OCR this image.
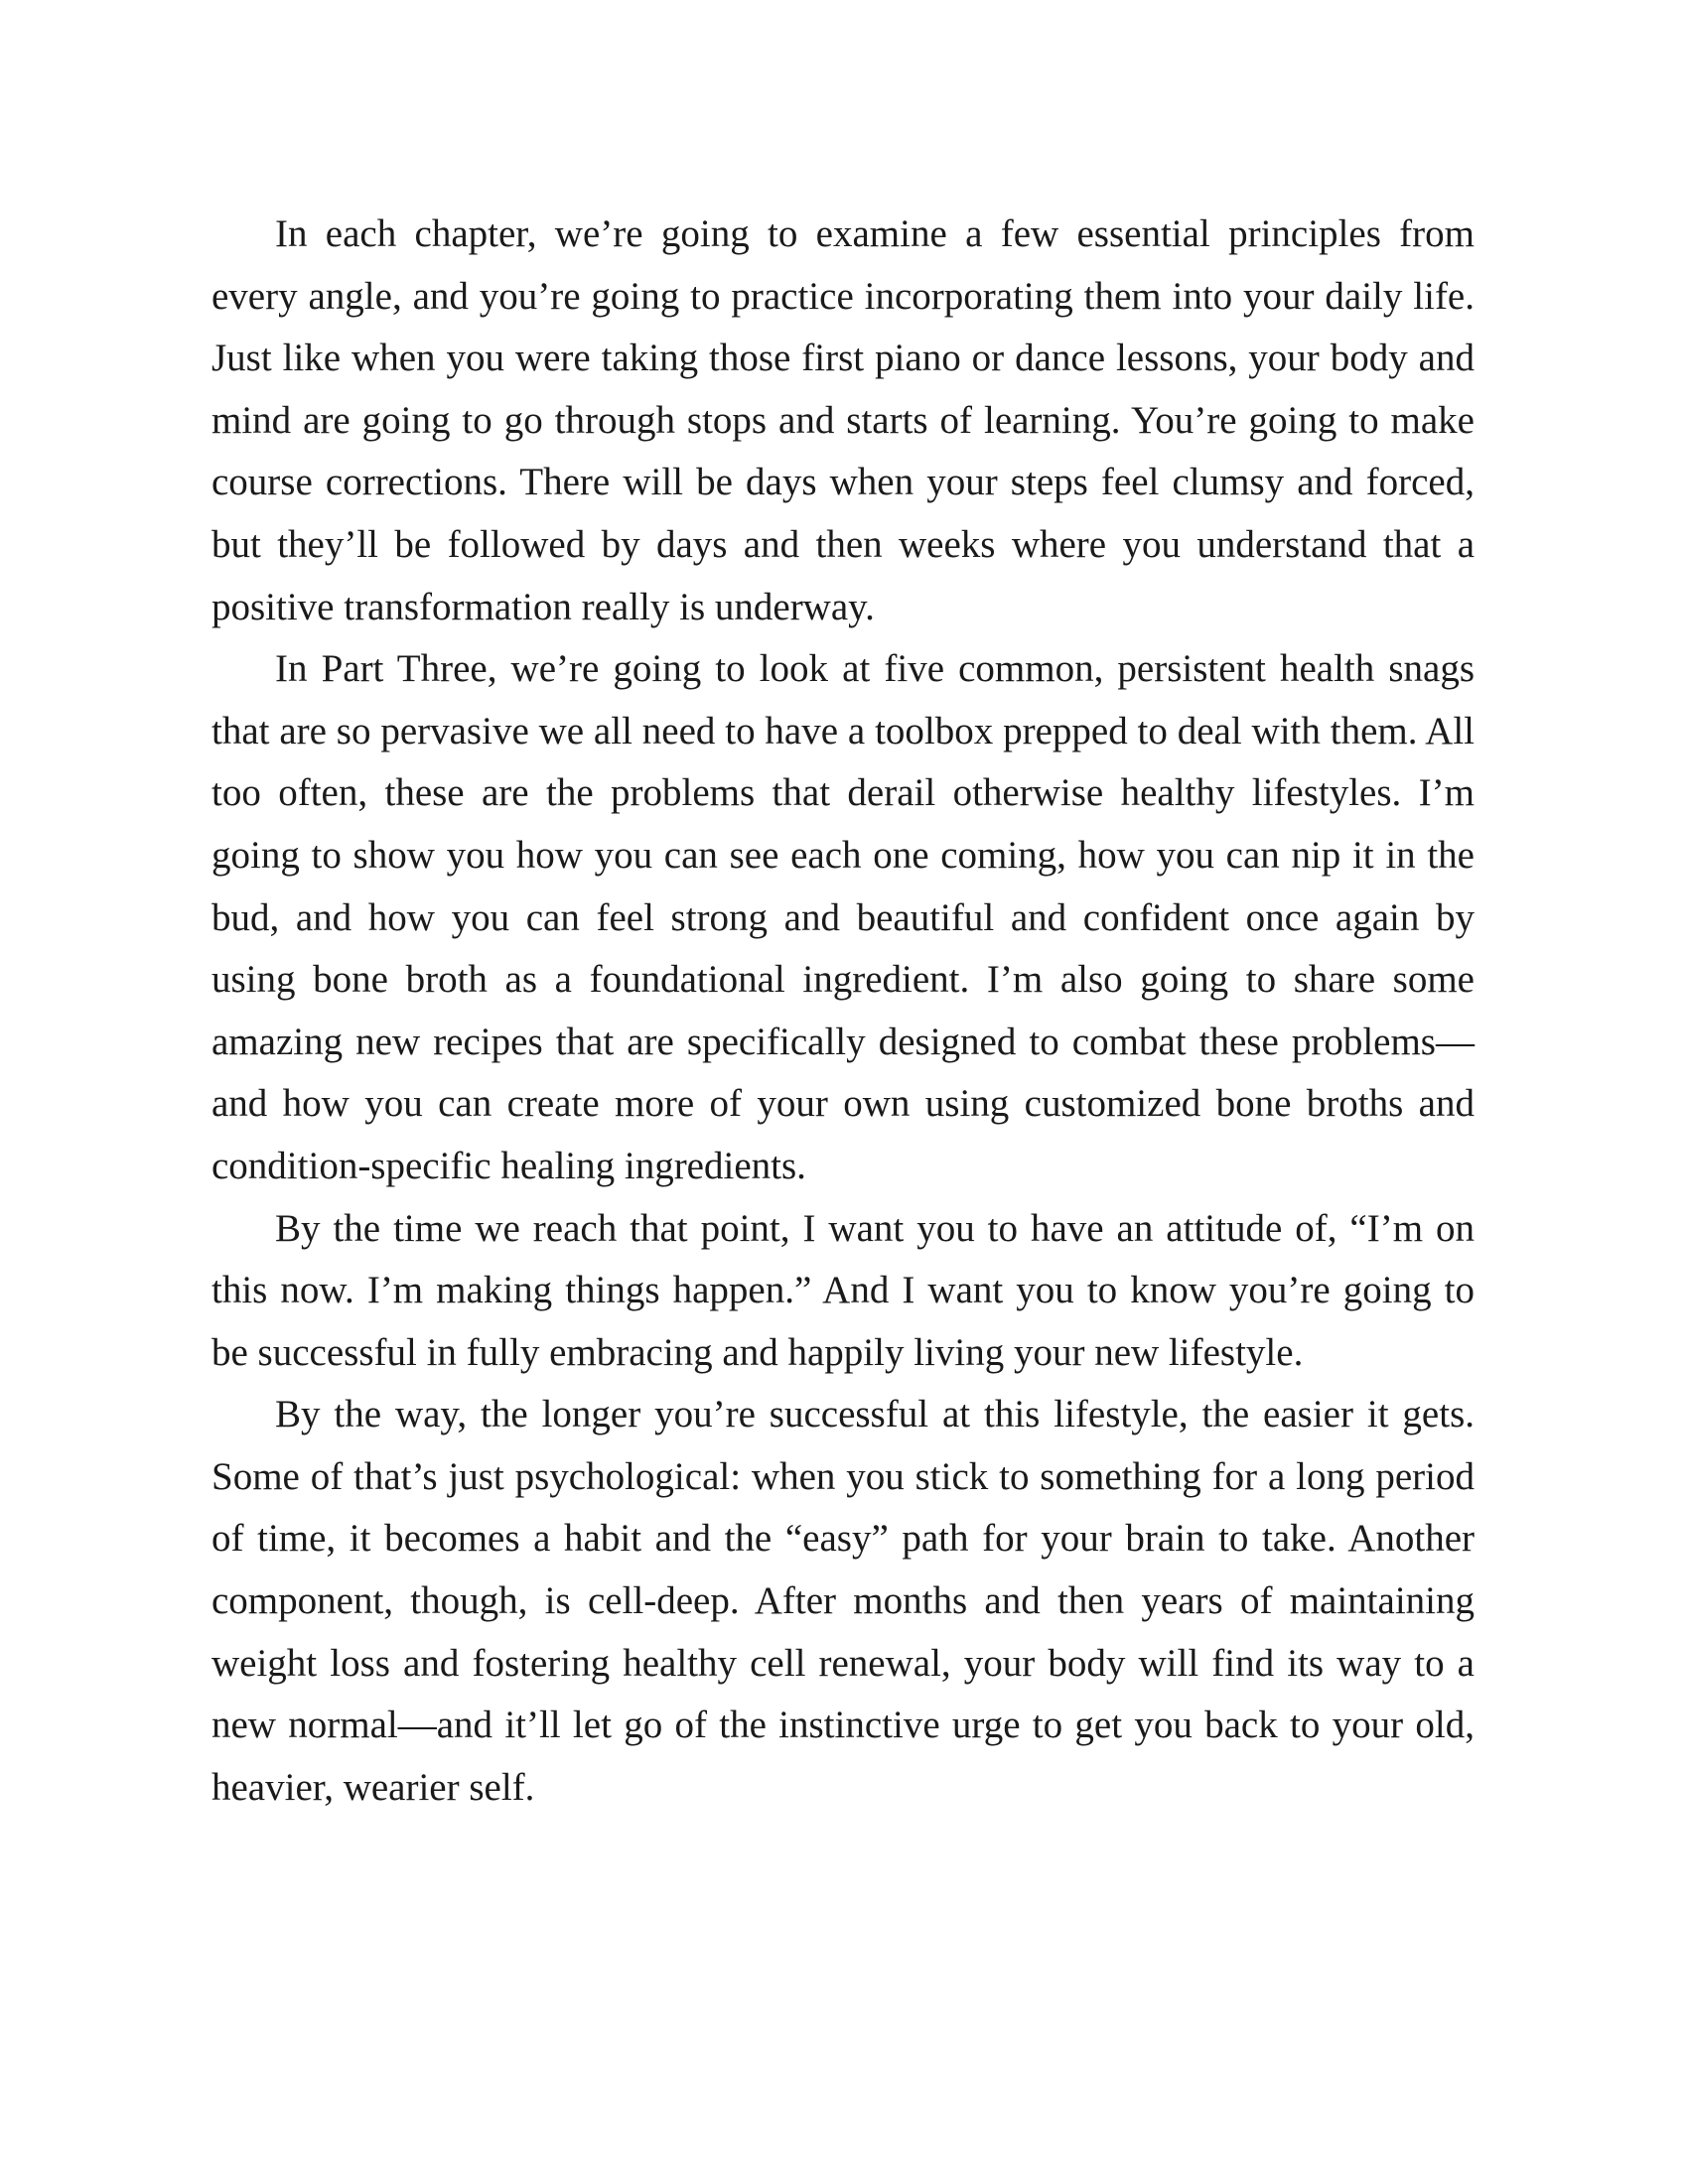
In each chapter, we’re going to examine a few essential principles from every angle, and you’re going to practice incorporating them into your daily life. Just like when you were taking those first piano or dance lessons, your body and mind are going to go through stops and starts of learning. You’re going to make course corrections. There will be days when your steps feel clumsy and forced, but they’ll be followed by days and then weeks where you understand that a positive transformation really is underway.

In Part Three, we’re going to look at five common, persistent health snags that are so pervasive we all need to have a toolbox prepped to deal with them. All too often, these are the problems that derail otherwise healthy lifestyles. I’m going to show you how you can see each one coming, how you can nip it in the bud, and how you can feel strong and beautiful and confident once again by using bone broth as a foundational ingredient. I’m also going to share some amazing new recipes that are specifically designed to combat these problems—and how you can create more of your own using customized bone broths and condition-specific healing ingredients.

By the time we reach that point, I want you to have an attitude of, “I’m on this now. I’m making things happen.” And I want you to know you’re going to be successful in fully embracing and happily living your new lifestyle.

By the way, the longer you’re successful at this lifestyle, the easier it gets. Some of that’s just psychological: when you stick to something for a long period of time, it becomes a habit and the “easy” path for your brain to take. Another component, though, is cell-deep. After months and then years of maintaining weight loss and fostering healthy cell renewal, your body will find its way to a new normal—and it’ll let go of the instinctive urge to get you back to your old, heavier, wearier self.
